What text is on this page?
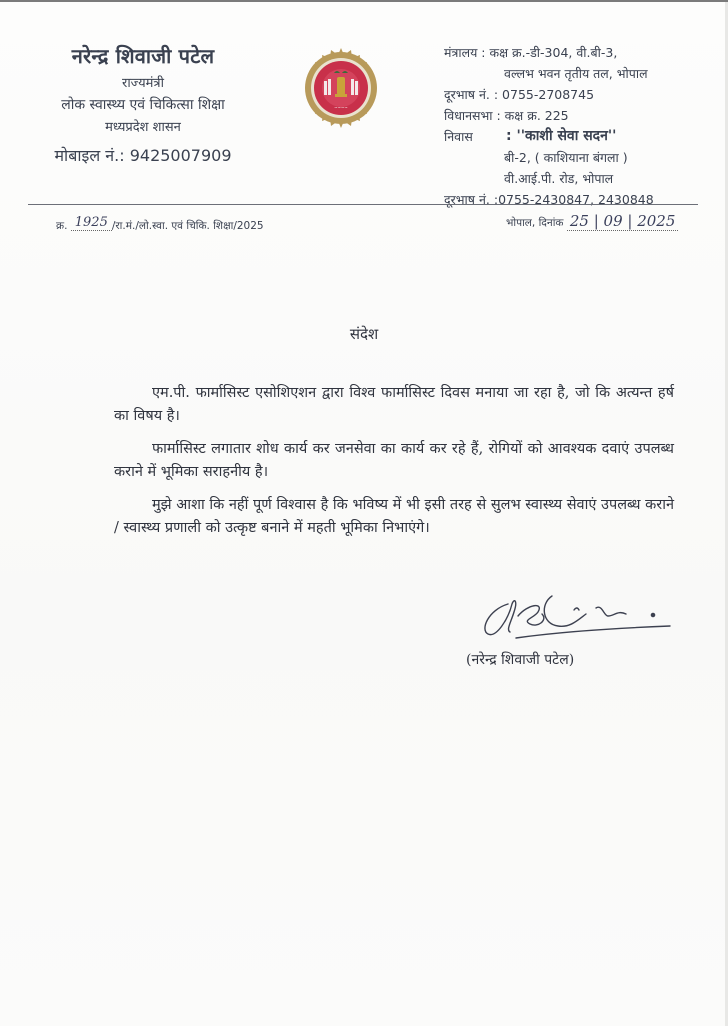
नरेन्द्र शिवाजी पटेल
राज्यमंत्री
लोक स्वास्थ्य एवं चिकित्सा शिक्षा
मध्यप्रदेश शासन
मोबाइल नं.: 9425007909
~~~~
मंत्रालय : कक्ष क्र.-डी-304, वी.बी-3,
वल्लभ भवन तृतीय तल, भोपाल
दूरभाष नं. : 0755-2708745
विधानसभा : कक्ष क्र. 225
निवास	: ''काशी सेवा सदन''
बी-2, ( काशियाना बंगला )
वी.आई.पी. रोड, भोपाल
दूरभाष नं. :0755-2430847, 2430848
क्र. 1925 /रा.मं./लो.स्वा. एवं चिकि. शिक्षा/2025	भोपाल, दिनांक 25 | 09 | 2025
संदेश

एम.पी. फार्मासिस्ट एसोशिएशन द्वारा विश्व फार्मासिस्ट दिवस मनाया जा रहा है, जो कि अत्यन्त हर्ष का विषय है।

फार्मासिस्ट लगातार शोध कार्य कर जनसेवा का कार्य कर रहे हैं, रोगियों को आवश्यक दवाएं उपलब्ध कराने में भूमिका सराहनीय है।

मुझे आशा कि नहीं पूर्ण विश्वास है कि भविष्य में भी इसी तरह से सुलभ स्वास्थ्य सेवाएं उपलब्ध कराने / स्वास्थ्य प्रणाली को उत्कृष्ट बनाने में महती भूमिका निभाएंगे।

(नरेन्द्र शिवाजी पटेल)
